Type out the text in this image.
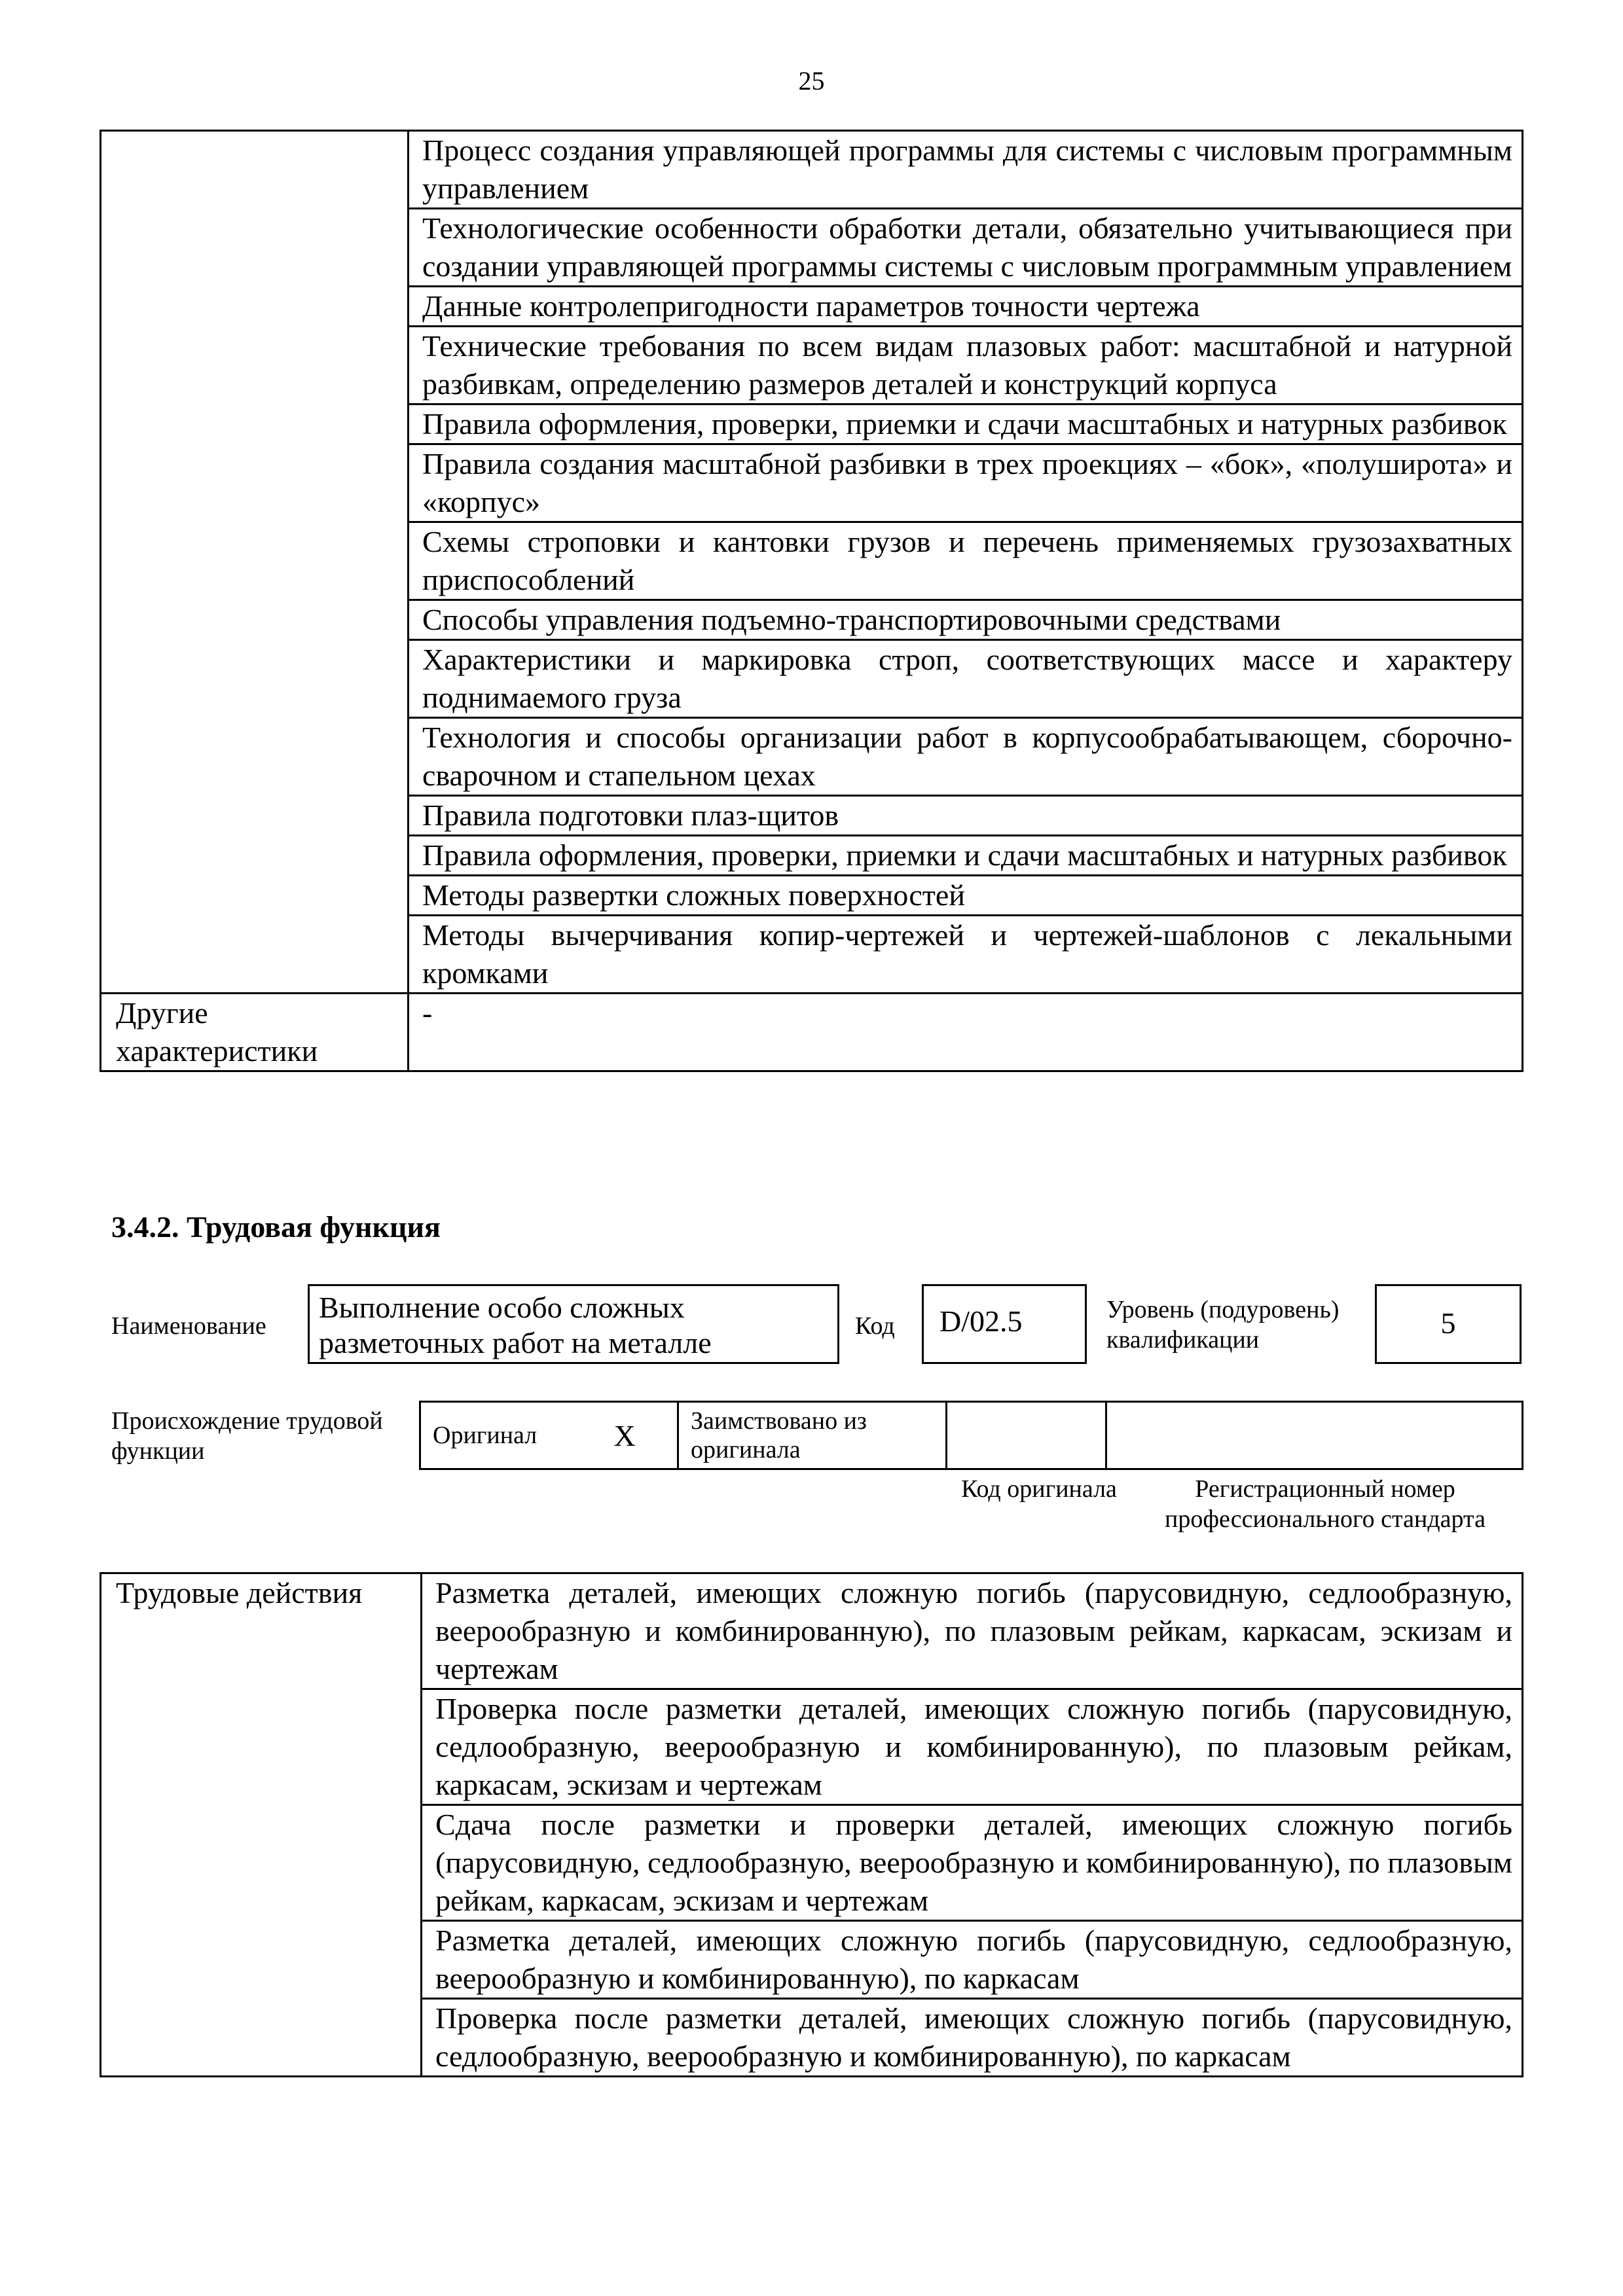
25
	Процесс создания управляющей программы для системы с числовым программным управлением
	Технологические особенности обработки детали, обязательно учитывающиеся при создании управляющей программы системы с числовым программным управлением
	Данные контролепригодности параметров точности чертежа
	Технические требования по всем видам плазовых работ: масштабной и натурной разбивкам, определению размеров деталей и конструкций корпуса
	Правила оформления, проверки, приемки и сдачи масштабных и натурных разбивок
	Правила создания масштабной разбивки в трех проекциях – «бок», «полуширота» и «корпус»
	Схемы строповки и кантовки грузов и перечень применяемых грузозахватных приспособлений
	Способы управления подъемно-транспортировочными средствами
	Характеристики и маркировка строп, соответствующих массе и характеру поднимаемого груза
	Технология и способы организации работ в корпусообрабатывающем, сборочно-сварочном и стапельном цехах
	Правила подготовки плаз-щитов
	Правила оформления, проверки, приемки и сдачи масштабных и натурных разбивок
	Методы развертки сложных поверхностей
	Методы вычерчивания копир-чертежей и чертежей-шаблонов с лекальными кромками
Другие характеристики	-
3.4.2. Трудовая функция
Наименование
Выполнение особо сложных разметочных работ на металле	Код	D/02.5	Уровень (подуровень) квалификации	5
Происхождение трудовой функции
Оригинал	X	Заимствовано из оригинала		
Код оригинала	Регистрационный номер профессионального стандарта
Трудовые действия	Разметка деталей, имеющих сложную погибь (парусовидную, седлообразную, веерообразную и комбинированную), по плазовым рейкам, каркасам, эскизам и чертежам
Проверка после разметки деталей, имеющих сложную погибь (парусовидную, седлообразную, веерообразную и комбинированную), по плазовым рейкам, каркасам, эскизам и чертежам
Сдача после разметки и проверки деталей, имеющих сложную погибь (парусовидную, седлообразную, веерообразную и комбинированную), по плазовым рейкам, каркасам, эскизам и чертежам
Разметка деталей, имеющих сложную погибь (парусовидную, седлообразную, веерообразную и комбинированную), по каркасам
Проверка после разметки деталей, имеющих сложную погибь (парусовидную, седлообразную, веерообразную и комбинированную), по каркасам
